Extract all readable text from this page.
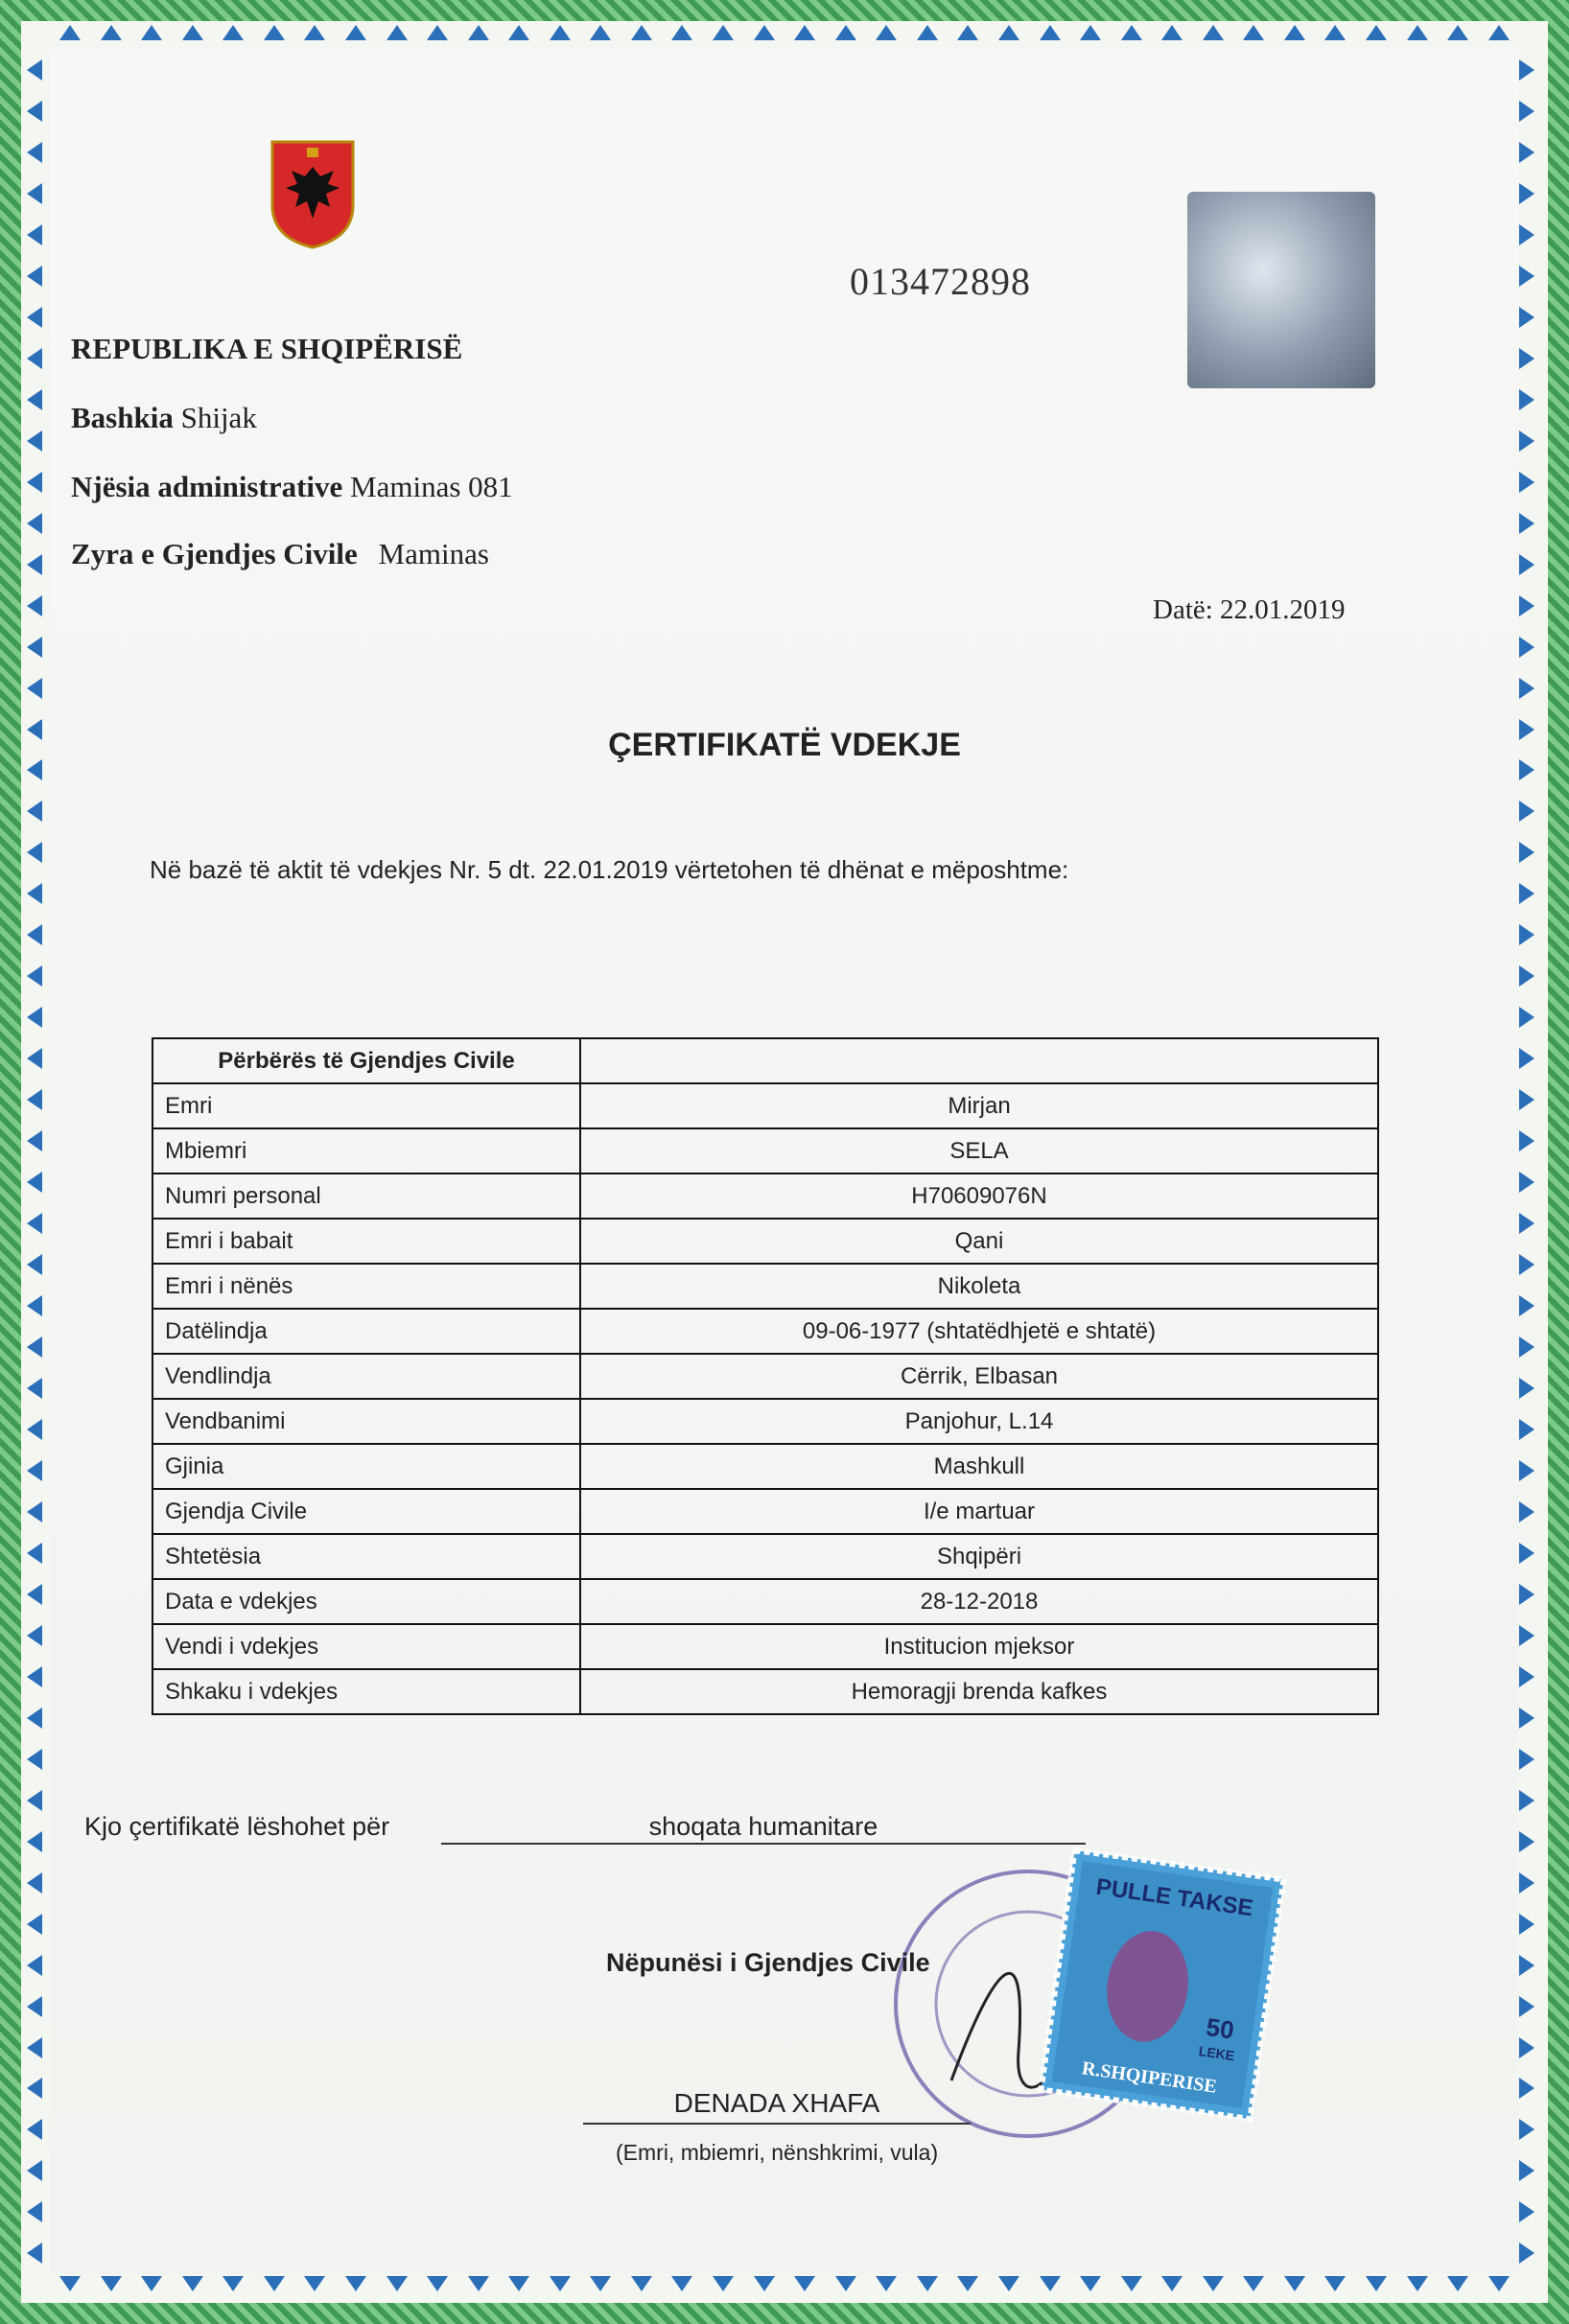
013472898
REPUBLIKA E SHQIPËRISË
Bashkia Shijak
Njësia administrative Maminas 081
Zyra e Gjendjes Civile Maminas
Datë: 22.01.2019
ÇERTIFIKATË VDEKJE
Në bazë të aktit të vdekjes Nr. 5 dt. 22.01.2019 vërtetohen të dhënat e mëposhtme:
Përbërës të Gjendjes Civile	
Emri	Mirjan
Mbiemri	SELA
Numri personal	H70609076N
Emri i babait	Qani
Emri i nënës	Nikoleta
Datëlindja	09-06-1977 (shtatëdhjetë e shtatë)
Vendlindja	Cërrik, Elbasan
Vendbanimi	Panjohur, L.14
Gjinia	Mashkull
Gjendja Civile	I/e martuar
Shtetësia	Shqipëri
Data e vdekjes	28-12-2018
Vendi i vdekjes	Institucion mjeksor
Shkaku i vdekjes	Hemoragji brenda kafkes
Kjo çertifikatë lëshohet për	shoqata humanitare
Nëpunësi i Gjendjes Civile
PULLE TAKSE
50
LEKE
R.SHQIPERISE
DENADA XHAFA
(Emri, mbiemri, nënshkrimi, vula)
